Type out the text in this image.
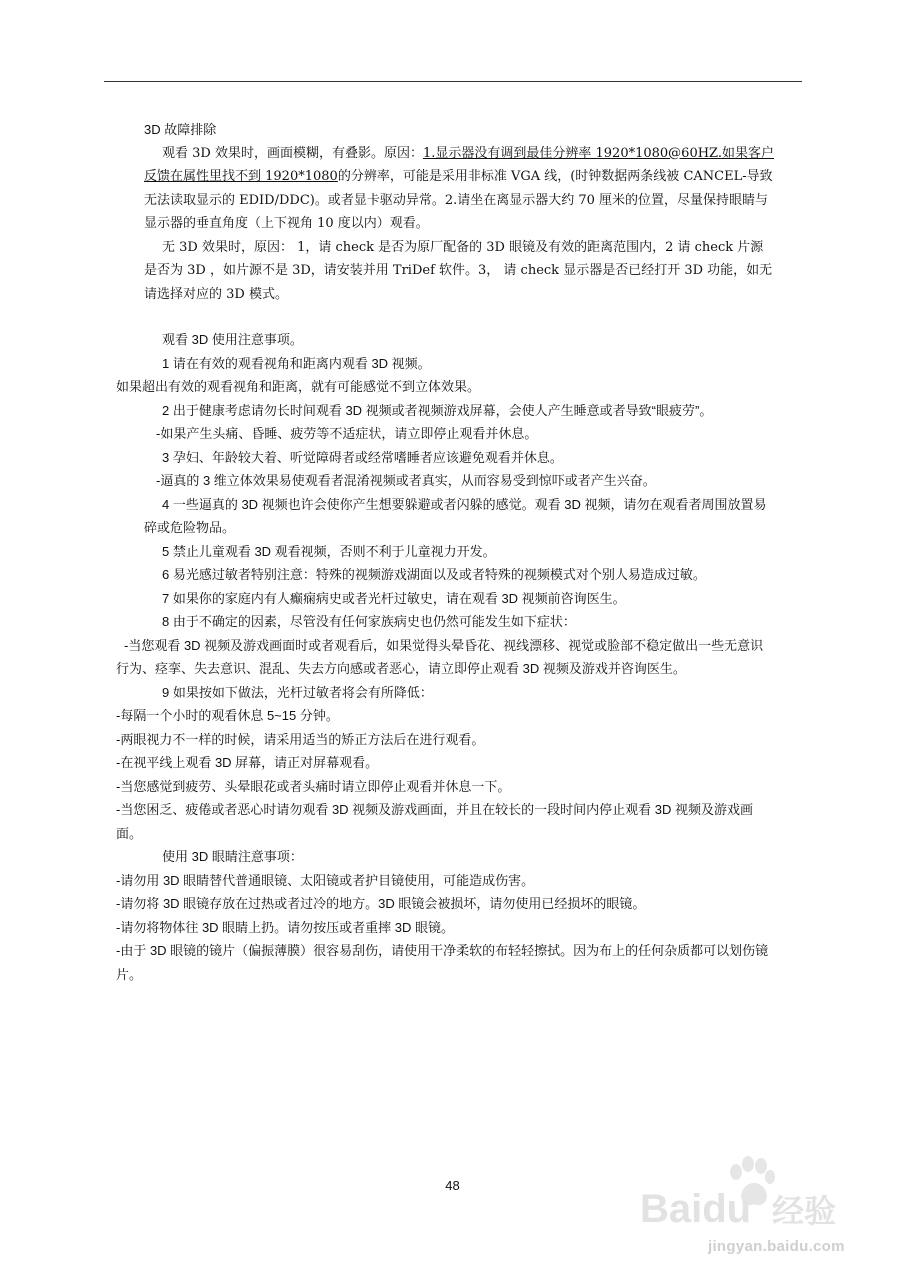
3D 故障排除

观看 3D 效果时，画面模糊，有叠影。原因：1.显示器没有调到最佳分辨率 1920*1080@60HZ.如果客户反馈在属性里找不到 1920*1080的分辨率，可能是采用非标准 VGA 线，(时钟数据两条线被 CANCEL-导致无法读取显示的 EDID/DDC)。或者显卡驱动异常。2.请坐在离显示器大约 70 厘米的位置，尽量保持眼睛与显示器的垂直角度（上下视角 10 度以内）观看。

无 3D 效果时，原因： 1，请 check 是否为原厂配备的 3D 眼镜及有效的距离范围内，2 请 check 片源是否为 3D ，如片源不是 3D，请安装并用 TriDef 软件。3， 请 check 显示器是否已经打开 3D 功能，如无请选择对应的 3D 模式。

观看 3D 使用注意事项。

1 请在有效的观看视角和距离内观看 3D 视频。

如果超出有效的观看视角和距离，就有可能感觉不到立体效果。

2 出于健康考虑请勿长时间观看 3D 视频或者视频游戏屏幕，会使人产生睡意或者导致“眼疲劳”。

-如果产生头痛、昏睡、疲劳等不适症状，请立即停止观看并休息。

3 孕妇、年龄较大着、听觉障碍者或经常嗜睡者应该避免观看并休息。

-逼真的 3 维立体效果易使观看者混淆视频或者真实，从而容易受到惊吓或者产生兴奋。

4 一些逼真的 3D 视频也许会使你产生想要躲避或者闪躲的感觉。观看 3D 视频，请勿在观看者周围放置易碎或危险物品。

5 禁止儿童观看 3D 观看视频，否则不利于儿童视力开发。

6 易光感过敏者特别注意：特殊的视频游戏湖面以及或者特殊的视频模式对个别人易造成过敏。

7 如果你的家庭内有人癫痫病史或者光杆过敏史，请在观看 3D 视频前咨询医生。

8 由于不确定的因素，尽管没有任何家族病史也仍然可能发生如下症状：

-当您观看 3D 视频及游戏画面时或者观看后，如果觉得头晕昏花、视线漂移、视觉或脸部不稳定做出一些无意识行为、痉挛、失去意识、混乱、失去方向感或者恶心，请立即停止观看 3D 视频及游戏并咨询医生。

9 如果按如下做法，光杆过敏者将会有所降低：

-每隔一个小时的观看休息 5~15 分钟。

-两眼视力不一样的时候，请采用适当的矫正方法后在进行观看。

-在视平线上观看 3D 屏幕，请正对屏幕观看。

-当您感觉到疲劳、头晕眼花或者头痛时请立即停止观看并休息一下。

-当您困乏、疲倦或者恶心时请勿观看 3D 视频及游戏画面，并且在较长的一段时间内停止观看 3D 视频及游戏画面。

使用 3D 眼睛注意事项：

-请勿用 3D 眼睛替代普通眼镜、太阳镜或者护目镜使用，可能造成伤害。

-请勿将 3D 眼镜存放在过热或者过冷的地方。3D 眼镜会被损坏，请勿使用已经损坏的眼镜。

-请勿将物体往 3D 眼睛上扔。请勿按压或者重摔 3D 眼镜。

-由于 3D 眼镜的镜片（偏振薄膜）很容易刮伤，请使用干净柔软的布轻轻擦拭。因为布上的任何杂质都可以划伤镜片。

48
Baidu 经验
jingyan.baidu.com
